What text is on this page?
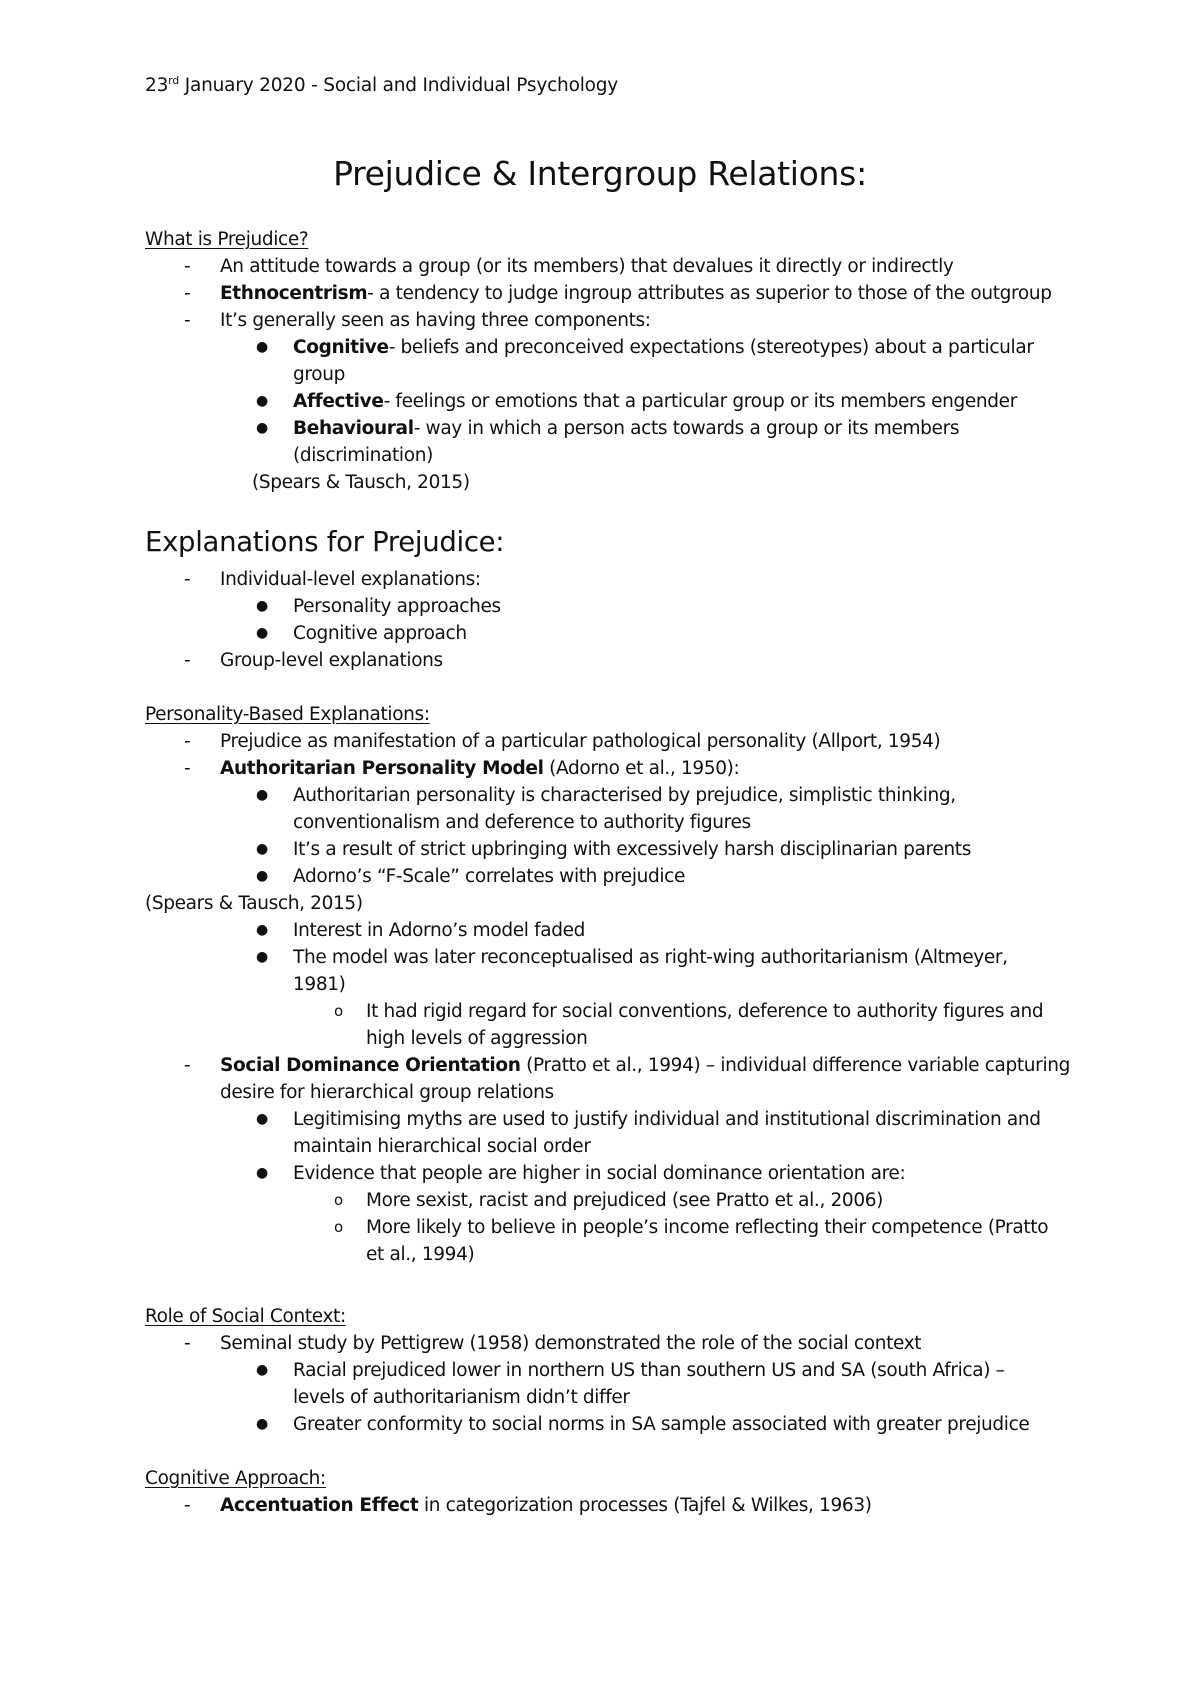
23rd January 2020 - Social and Individual Psychology
Prejudice & Intergroup Relations:
What is Prejudice?
- An attitude towards a group (or its members) that devalues it directly or indirectly
- Ethnocentrism- a tendency to judge ingroup attributes as superior to those of the outgroup
- It’s generally seen as having three components:
● Cognitive- beliefs and preconceived expectations (stereotypes) about a particular
group
● Affective- feelings or emotions that a particular group or its members engender
● Behavioural- way in which a person acts towards a group or its members
(discrimination)
(Spears & Tausch, 2015)
Explanations for Prejudice:
- Individual-level explanations:
● Personality approaches
● Cognitive approach
- Group-level explanations
Personality-Based Explanations:
- Prejudice as manifestation of a particular pathological personality (Allport, 1954)
- Authoritarian Personality Model (Adorno et al., 1950):
● Authoritarian personality is characterised by prejudice, simplistic thinking,
conventionalism and deference to authority figures
● It’s a result of strict upbringing with excessively harsh disciplinarian parents
● Adorno’s “F-Scale” correlates with prejudice
(Spears & Tausch, 2015)
● Interest in Adorno’s model faded
● The model was later reconceptualised as right-wing authoritarianism (Altmeyer,
1981)
o It had rigid regard for social conventions, deference to authority figures and
high levels of aggression
- Social Dominance Orientation (Pratto et al., 1994) – individual difference variable capturing
desire for hierarchical group relations
● Legitimising myths are used to justify individual and institutional discrimination and
maintain hierarchical social order
● Evidence that people are higher in social dominance orientation are:
o More sexist, racist and prejudiced (see Pratto et al., 2006)
o More likely to believe in people’s income reflecting their competence (Pratto
et al., 1994)
Role of Social Context:
- Seminal study by Pettigrew (1958) demonstrated the role of the social context
● Racial prejudiced lower in northern US than southern US and SA (south Africa) –
levels of authoritarianism didn’t differ
● Greater conformity to social norms in SA sample associated with greater prejudice
Cognitive Approach:
- Accentuation Effect in categorization processes (Tajfel & Wilkes, 1963)
